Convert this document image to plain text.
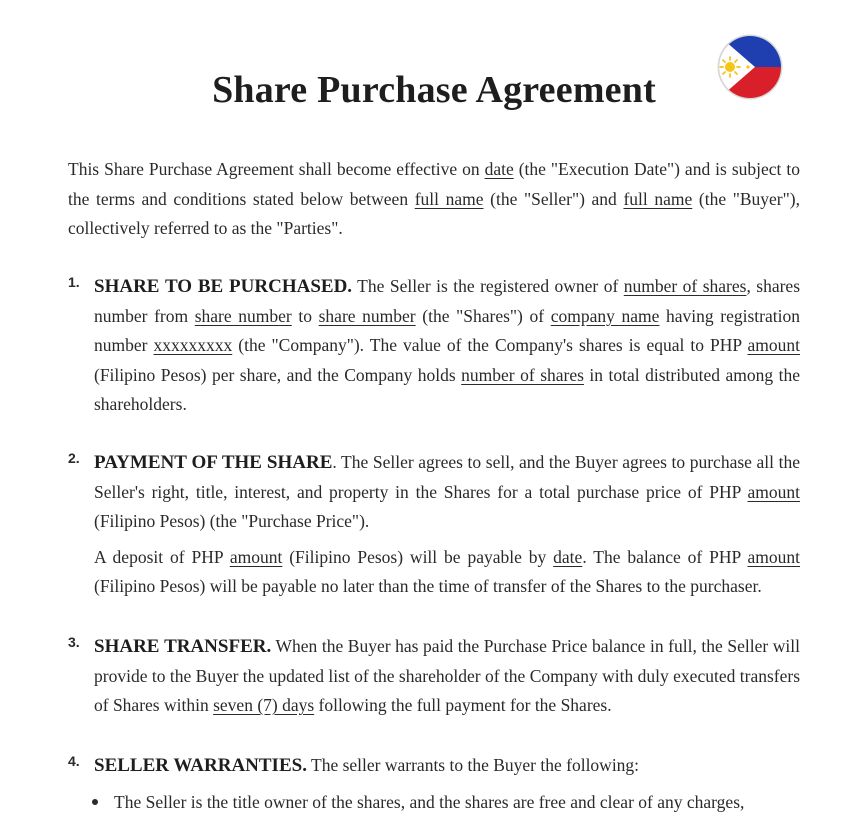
Share Purchase Agreement

This Share Purchase Agreement shall become effective on date (the "Execution Date") and is subject to the terms and conditions stated below between full name (the "Seller") and full name (the "Buyer"), collectively referred to as the "Parties".

1. SHARE TO BE PURCHASED. The Seller is the registered owner of number of shares, shares number from share number to share number (the "Shares") of company name having registration number xxxxxxxxx (the "Company"). The value of the Company's shares is equal to PHP amount (Filipino Pesos) per share, and the Company holds number of shares in total distributed among the shareholders.

2. PAYMENT OF THE SHARE. The Seller agrees to sell, and the Buyer agrees to purchase all the Seller's right, title, interest, and property in the Shares for a total purchase price of PHP amount (Filipino Pesos) (the "Purchase Price").

A deposit of PHP amount (Filipino Pesos) will be payable by date. The balance of PHP amount (Filipino Pesos) will be payable no later than the time of transfer of the Shares to the purchaser.

3. SHARE TRANSFER. When the Buyer has paid the Purchase Price balance in full, the Seller will provide to the Buyer the updated list of the shareholder of the Company with duly executed transfers of Shares within seven (7) days following the full payment for the Shares.

4. SELLER WARRANTIES. The seller warrants to the Buyer the following:

The Seller is the title owner of the shares, and the shares are free and clear of any charges,
